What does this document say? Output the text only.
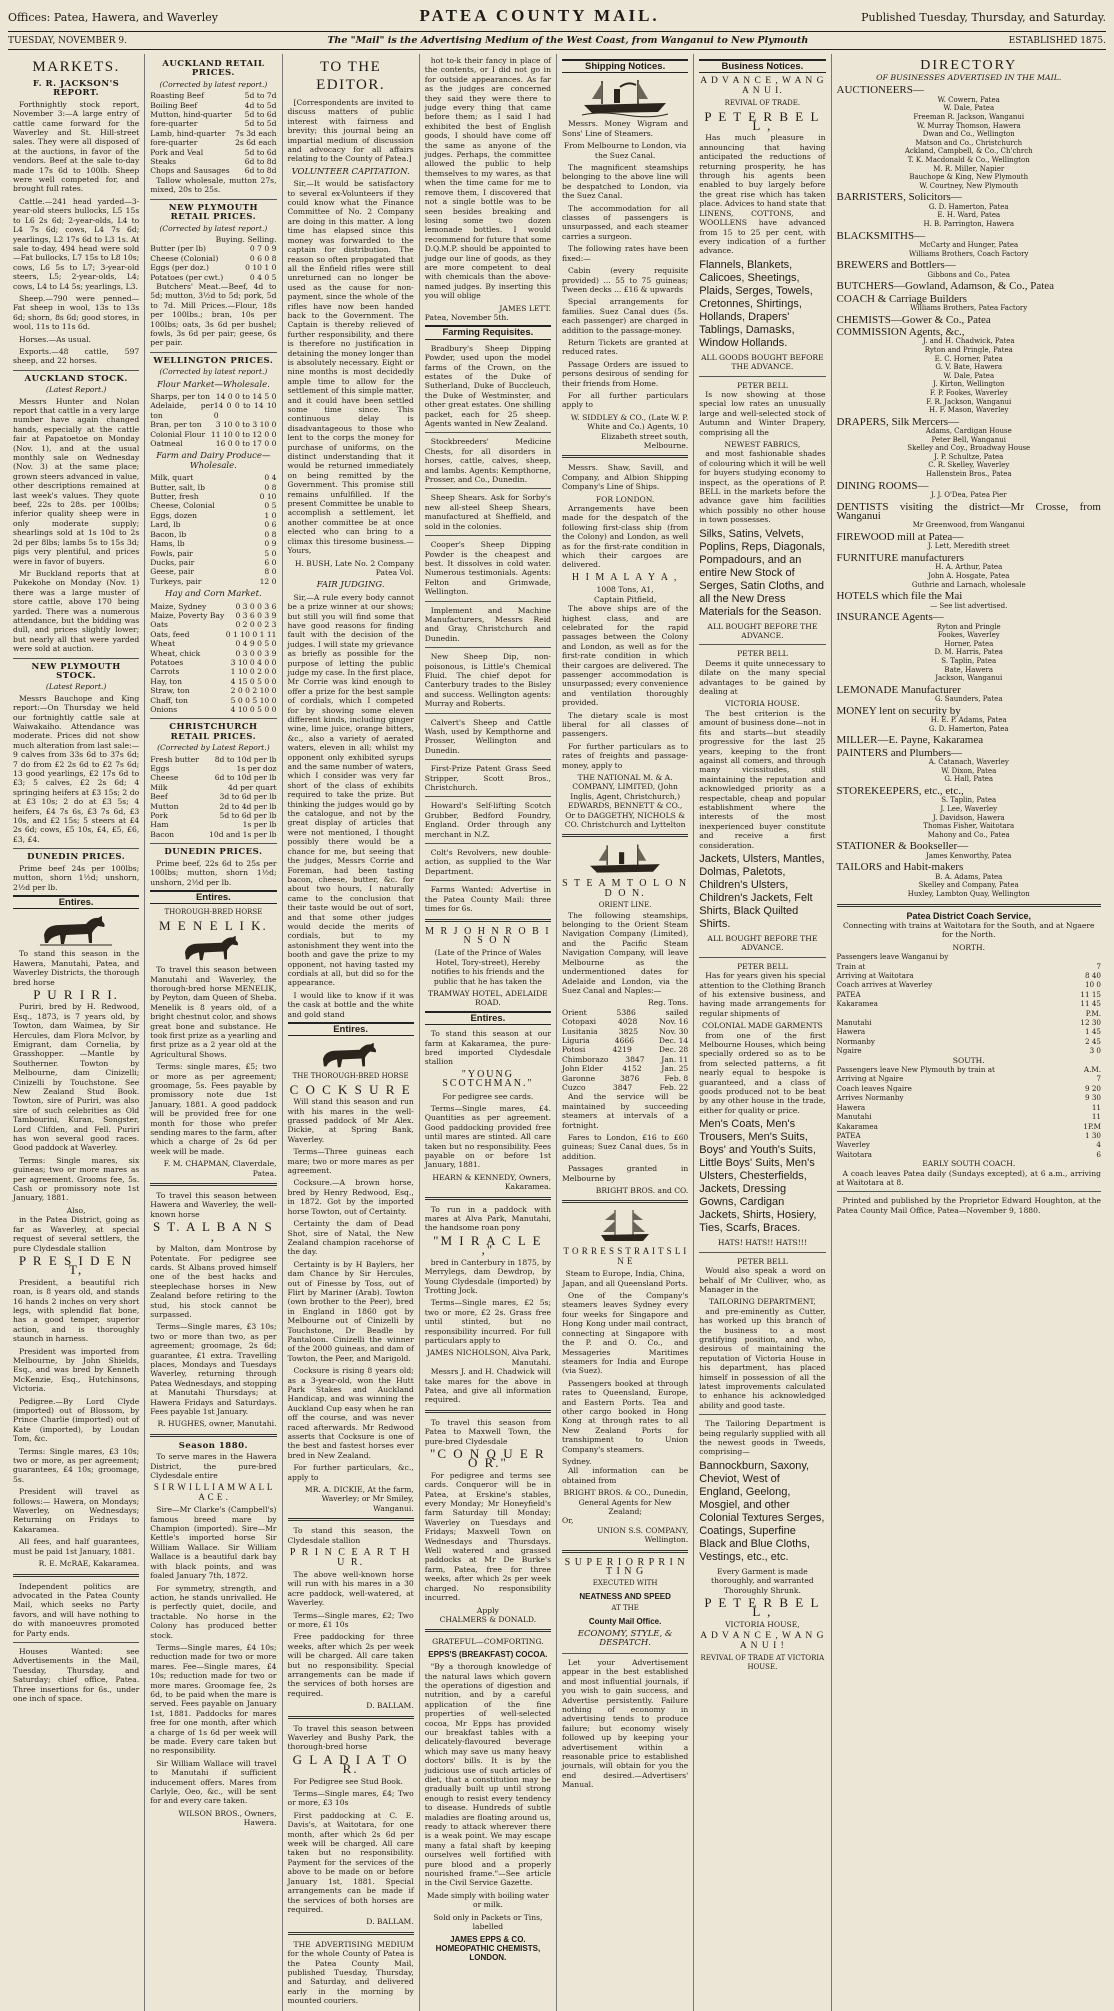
Offices: Patea, Hawera, and Waverley	PATEA COUNTY MAIL.	Published Tuesday, Thursday, and Saturday.
TUESDAY, NOVEMBER 9.	The "Mail" is the Advertising Medium of the West Coast, from Wanganui to New Plymouth	ESTABLISHED 1875.
MARKETS.
F. R. JACKSON'S REPORT.

Forthnightly stock report, November 3:—A large entry of cattle came forward for the Waverley and St. Hill-street sales. They were all disposed of at the auctions, in favor of the vendors. Beef at the sale to-day made 17s 6d to 100lb. Sheep were well competed for, and brought full rates.

Cattle.—241 head yarded—3-year-old steers bullocks, L5 15s to L6 2s 6d; 2-year-olds, L4 to L4 7s 6d; cows, L4 7s 6d; yearlings, L2 17s 6d to L3 1s. At sale to-day, 494 head were sold—Fat bullocks, L7 15s to L8 10s; cows, L6 5s to L7; 3-year-old steers, L5; 2-year-olds, L4; cows, L4 to L4 5s; yearlings, L3.

Sheep.—790 were penned—Fat sheep in wool, 13s to 13s 6d; shorn, 8s 6d; good stores, in wool, 11s to 11s 6d.

Horses.—As usual.

Exports.—48 cattle, 597 sheep, and 22 horses.

AUCKLAND STOCK.
(Latest Report.)

Messrs Hunter and Nolan report that cattle in a very large number have again changed hands, especially at the cattle fair at Papatoetoe on Monday (Nov. 1), and at the usual monthly sale on Wednesday (Nov. 3) at the same place; grown steers advanced in value, other descriptions remained at last week's values. They quote beef, 22s to 28s. per 100lbs; inferior quality sheep were in only moderate supply; shearlings sold at 1s 10d to 2s 2d per 8lbs; lambs 5s to 15s 3d; pigs very plentiful, and prices were in favor of buyers.

Mr Buckland reports that at Pukekohe on Monday (Nov. 1) there was a large muster of store cattle, above 170 being yarded. There was a numerous attendance, but the bidding was dull, and prices slightly lower; but nearly all that were yarded were sold at auction.

NEW PLYMOUTH STOCK.
(Latest Report.)

Messrs Bauchope and King report:—On Thursday we held our fortnightly cattle sale at Waiwakaiho. Attendance was moderate. Prices did not show much alteration from last sale:—9 calves from 33s 6d to 37s 6d; 7 do from £2 2s 6d to £2 7s 6d; 13 good yearlings, £2 17s 6d to £3; 5 calves, £2 2s 6d; 4 springing heifers at £3 15s; 2 do at £3 10s; 2 do at £3 5s; 4 heifers, £4 7s 6s, £3 7s 6d, £3 10s, and £2 15s; 5 steers at £4 2s 6d; cows, £5 10s, £4, £5, £6, £3, £4.

DUNEDIN PRICES.

Prime beef 24s per 100lbs; mutton, shorn 1½d; unshorn, 2½d per lb.

Entires.

To stand this season in the Hawera, Manutahi, Patea, and Waverley Districts, the thorough bred horse

P U R I R I.

Puriri, bred by H. Redwood, Esq., 1873, is 7 years old, by Towton, dam Waimea, by Sir Hercules, dam Flora McIvor, by Emigrant, dam Cornelia, by Grasshopper. —Mantle by Southerner. Towton by Melbourne, dam Cinizelli; Cinizelli by Touchstone. See New Zealand Stud Book. Towton, sire of Puriri, was also sire of such celebrities as Old Tambourini, Kuran, Songster, Lord Clifden, and Fell. Puriri has won several good races. Good paddock at Waverley.

Terms: Single mares, six guineas; two or more mares as per agreement. Grooms fee, 5s. Cash or promissory note 1st January, 1881.

Also,

in the Patea District, going as far as Waverley, at special request of several settlers, the pure Clydesdale stallion

P R E S I D E N T,

President, a beautiful rich roan, is 8 years old, and stands 16 hands 2 inches on very short legs, with splendid flat bone, has a good temper, superior action, and is thoroughly staunch in harness.

President was imported from Melbourne, by John Shields, Esq., and was bred by Kenneth McKenzie, Esq., Hutchinsons, Victoria.

Pedigree.—By Lord Clyde (imported) out of Blossom, by Prince Charlie (imported) out of Kate (imported), by Loudan Tom, &c.

Terms: Single mares, £3 10s; two or more, as per agreement; guarantees, £4 10s; groomage, 5s.

President will travel as follows:— Hawera, on Mondays; Waverley, on Wednesdays; Returning on Fridays to Kakaramea.

All fees, and half guarantees, must be paid 1st January, 1881.

R. E. McRAE, Kakaramea.

Independent politics are advocated in the Patea County Mail, which seeks no Party favors, and will have nothing to do with manoeuvres promoted for Party ends.

Houses Wanted: see Advertisements in the Mail, Tuesday, Thursday, and Saturday; chief office, Patea. Three insertions for 6s., under one inch of space.

AUCKLAND RETAIL PRICES.
(Corrected by latest report.)
Roasting Beef	5d to 7d
Boiling Beef	4d to 5d
Mutton, hind-quarter 5d to 6d
fore-quarter	5d to 5d
Lamb, hind-quarter 7s 3d each
fore-quarter	2s 6d each
Pork and Veal	5d to 6d
Steaks	6d to 8d
Chops and Sausages 6d to 8d

Tallow wholesale, mutton 27s, mixed, 20s to 25s.

NEW PLYMOUTH RETAIL PRICES.
(Corrected by latest report.)
Buying. Selling.
Butter (per lb)	0 7 0 9
Cheese (Colonial)	0 6 0 8
Eggs (per doz.)	0 10 1 0
Potatoes (per cwt.)	0 4 0 5

Butchers' Meat.—Beef, 4d to 5d; mutton, 3½d to 5d; pork, 5d to 7d. Mill Prices.—Flour, 18s per 100lbs.; bran, 10s per 100lbs; oats, 3s 6d per bushel; fowls, 3s 6d per pair; geese, 6s per pair.

WELLINGTON PRICES.
(Corrected by latest report.)
Flour Market—Wholesale.
Sharps, per ton 14 0 0 to 14 5 0
Adelaide, per ton
14 0 0 to 14 10 0
Bran, per ton 3 10 0 to 3 10 0
Colonial Flour 11 10 0 to 12 0 0
Oatmeal	16 0 0 to 17 0 0
Farm and Dairy Produce—Wholesale.
Milk, quart	0 4
Butter, salt, lb	0 8
Butter, fresh	0 10
Cheese, Colonial	0 5
Eggs, dozen	1 0
Lard, lb	0 6
Bacon, lb	0 8
Hams, lb	0 9
Fowls, pair	5 0
Ducks, pair	6 0
Geese, pair	8 0
Turkeys, pair	12 0
Hay and Corn Market.
Maize, Sydney	0 3 0 0 3 6
Maize, Poverty Bay 0 3 6 0 3 9
Oats	0 2 0 0 2 3
Oats, feed	0 1 10 0 1 11
Wheat	0 4 9 0 5 0
Wheat, chick	0 3 0 0 3 9
Potatoes	3 10 0 4 0 0
Carrots	1 10 0 2 0 0
Hay, ton	4 15 0 5 0 0
Straw, ton	2 0 0 2 10 0
Chaff, ton	5 0 0 5 10 0
Onions	4 10 0 5 0 0
CHRISTCHURCH RETAIL PRICES.
(Corrected by Latest Report.)
Fresh butter 8d to 10d per lb
Eggs	1s per doz
Cheese	6d to 10d per lb
Milk	4d per quart
Beef	3d to 6d per lb
Mutton	2d to 4d per lb
Pork	5d to 6d per lb
Ham	1s per lb
Bacon	10d and 1s per lb
DUNEDIN PRICES.

Prime beef, 22s 6d to 25s per 100lbs; mutton, shorn 1½d; unshorn, 2½d per lb.

Entires.
THOROUGH-BRED HORSE
M E N E L I K.

To travel this season between Manutahi and Waverley, the thorough-bred horse MENELIK, by Peyton, dam Queen of Sheba. Menelik is 8 years old, of a bright chestnut color, and shows great bone and substance. He took first prize as a yearling and first prize as a 2 year old at the Agricultural Shows.

Terms: single mares, £5; two or more as per agreement; groomage, 5s. Fees payable by promissory note due 1st January, 1881. A good paddock will be provided free for one month for those who prefer sending mares to the farm, after which a charge of 2s 6d per week will be made.

F. M. CHAPMAN, Claverdale, Patea.

To travel this season between Hawera and Waverley, the well-known horse

S T. A L B A N S ,

by Malton, dam Montrose by Potentate. For pedigree see cards. St Albans proved himself one of the best hacks and steeplechase horses in New Zealand before retiring to the stud, his stock cannot be surpassed.

Terms—Single mares, £3 10s; two or more than two, as per agreement; groomage, 2s 6d; guarantee, £1 extra. Travelling places, Mondays and Tuesdays Waverley, returning through Patea Wednesdays, and stopping at Manutahi Thursdays; at Hawera Fridays and Saturdays. Fees payable 1st January.

R. HUGHES, owner, Manutahi.
Season 1880.

To serve mares in the Hawera District, the pure-bred Clydesdale entire

S I R W I L L I A M W A L L A C E .

Sire—Mr Clarke's (Campbell's) famous breed mare by Champion (imported). Sire—Mr Kettle's imported horse Sir William Wallace. Sir William Wallace is a beautiful dark bay with black points, and was foaled January 7th, 1872.

For symmetry, strength, and action, he stands unrivalled. He is perfectly quiet, docile, and tractable. No horse in the Colony has produced better stock.

Terms—Single mares, £4 10s; reduction made for two or more mares. Fee—Single mares, £4 10s; reduction made for two or more mares. Groomage fee, 2s 6d, to be paid when the mare is served. Fees payable on January 1st, 1881. Paddocks for mares free for one month, after which a charge of 1s 6d per week will be made. Every care taken but no responsibility.

Sir William Wallace will travel to Manutahi if sufficient inducement offers. Mares from Carlyle, Oeo, &c., will be sent for and every care taken.

WILSON BROS., Owners, Hawera.
TO THE EDITOR.

[Correspondents are invited to discuss matters of public interest with fairness and brevity; this journal being an impartial medium of discussion and advocacy for all affairs relating to the County of Patea.]

VOLUNTEER CAPITATION.

Sir,—It would be satisfactory to several ex-Volunteers if they could know what the Finance Committee of No. 2 Company are doing in this matter. A long time has elapsed since this money was forwarded to the captain for distribution. The reason so often propagated that all the Enfield rifles were still unreturned can no longer be used as the cause for non-payment, since the whole of the rifles have now been handed back to the Government. The Captain is thereby relieved of further responsibility, and there is therefore no justification in detaining the money longer than is absolutely necessary. Eight or nine months is most decidedly ample time to allow for the settlement of this simple matter, and it could have been settled some time since. This continuous delay is disadvantageous to those who lent to the corps the money for purchase of uniforms, on the distinct understanding that it would be returned immediately on being remitted by the Government. This promise still remains unfulfilled. If the present Committee be unable to accomplish a settlement, let another committee be at once elected who can bring to a climax this tiresome business.—Yours,

H. BUSH, Late No. 2 Company Patea Vol.
FAIR JUDGING.

Sir,—A rule every body cannot be a prize winner at our shows; but still you will find some that have good reasons for finding fault with the decision of the judges. I will state my grievance as briefly as possible for the purpose of letting the public judge my case. In the first place, Mr Corrie was kind enough to offer a prize for the best sample of cordials, which I competed for by showing some eleven different kinds, including ginger wine, lime juice, orange bitters, &c., also a variety of aerated waters, eleven in all; whilst my opponent only exhibited syrups and the same number of waters, which I consider was very far short of the class of exhibits required to take the prize. But thinking the judges would go by the catalogue, and not by the great display of articles that were not mentioned, I thought possibly there would be a chance for me, but seeing that the judges, Messrs Corrie and Foreman, had been tasting bacon, cheese, butter, &c. for about two hours, I naturally came to the conclusion that their taste would be out of sort, and that some other judges would decide the merits of cordials, but to my astonishment they went into the booth and gave the prize to my opponent, not having tasted my cordials at all, but did so for the appearance.

I would like to know if it was the cask at bottle and the white and gold stand

Entires.
THE THOROUGH-BRED HORSE
C O C K S U R E

Will stand this season and run with his mares in the well-grassed paddock of Mr Alex. Dickie, at Spring Bank, Waverley.

Terms—Three guineas each mare; two or more mares as per agreement.

Cocksure.—A brown horse, bred by Henry Redwood, Esq., in 1872. Got by the imported horse Towton, out of Certainty.

Certainty the dam of Dead Shot, sire of Natal, the New Zealand champion racehorse of the day.

Certainty is by H Baylers, her dam Chance by Sir Hercules, out of Finesse by Toss, out of Flirt by Mariner (Arab). Towton (own brother to the Peer), bred in England in 1860 got by Melbourne out of Cinizelli by Touchstone, Dr Beadle by Pantaloon. Cinizelli the winner of the 2000 guineas, and dam of Towton, the Peer, and Marigold.

Cocksure is rising 8 years old; as a 3-year-old, won the Hutt Park Stakes and Auckland Handicap, and was winning the Auckland Cup easy when he ran off the course, and was never raced afterwards. Mr Redwood asserts that Cocksure is one of the best and fastest horses ever bred in New Zealand.

For further particulars, &c., apply to

MR. A. DICKIE, At the farm, Waverley; or Mr Smiley, Wanganui.

To stand this season, the Clydesdale stallion

P R I N C E A R T H U R.

The above well-known horse will run with his mares in a 30 acre paddock, well-watered, at Waverley.

Terms—Single mares, £2; Two or more, £1 10s

Free paddocking for three weeks, after which 2s per week will be charged. All care taken but no responsibility. Special arrangements can be made if the services of both horses are required.

D. BALLAM.

To travel this season between Waverley and Bushy Park, the thorough-bred horse

G L A D I A T O R.

For Pedigree see Stud Book.

Terms—Single mares, £4; Two or more, £3 10s

First paddocking at C. E. Davis's, at Waitotara, for one month, after which 2s 6d per week will be charged. All care taken but no responsibility. Payment for the services of the above to be made on or before January 1st, 1881. Special arrangements can be made if the services of both horses are required.

D. BALLAM.

THE ADVERTISING MEDIUM for the whole County of Patea is the Patea County Mail, published Tuesday, Thursday, and Saturday, and delivered early in the morning by mounted couriers.

hot to-k their fancy in place of the contents, or I did not go in for outside appearances. As far as the judges are concerned they said they were there to judge every thing that came before them; as I said I had exhibited the best of English goods, I should have come off the same as anyone of the judges. Perhaps, the committee allowed the public to help themselves to my wares, as that when the time came for me to remove them, I discovered that not a single bottle was to be seen besides breaking and losing some two dozen lemonade bottles. I would recommend for future that some D.Q.M.P. should be appointed to judge our line of goods, as they are more competent to deal with chemicals than the above-named judges. By inserting this you will oblige

JAMES LETT.
Patea, November 5th.
Farming Requisites.

Bradbury's Sheep Dipping Powder, used upon the model farms of the Crown, on the estates of the Duke of Sutherland, Duke of Buccleuch, the Duke of Westminster, and other great estates. One shilling packet, each for 25 sheep. Agents wanted in New Zealand.

Stockbreeders' Medicine Chests, for all disorders in horses, cattle, calves, sheep, and lambs. Agents: Kempthorne, Prosser, and Co., Dunedin.

Sheep Shears. Ask for Sorby's new all-steel Sheep Shears, manufactured at Sheffield, and sold in the colonies.

Cooper's Sheep Dipping Powder is the cheapest and best. It dissolves in cold water. Numerous testimonials. Agents: Felton and Grimwade, Wellington.

Implement and Machine Manufacturers, Messrs Reid and Gray, Christchurch and Dunedin.

New Sheep Dip, non-poisonous, is Little's Chemical Fluid. The chief depot for Canterbury trades to the Bisley and success. Wellington agents: Murray and Roberts.

Calvert's Sheep and Cattle Wash, used by Kempthorne and Prosser, Wellington and Dunedin.

First-Prize Patent Grass Seed Stripper, Scott Bros., Christchurch.

Howard's Self-lifting Scotch Grubber, Bedford Foundry, England. Order through any merchant in N.Z.

Colt's Revolvers, new double-action, as supplied to the War Department.

Farms Wanted: Advertise in the Patea County Mail: three times for 6s.

M R J O H N R O B I N S O N

(Late of the Prince of Wales Hotel, Tory-street), Hereby notifies to his friends and the public that he has taken the

TRAMWAY HOTEL, ADELAIDE ROAD.
Entires.

To stand this season at our farm at Kakaramea, the pure-bred imported Clydesdale stallion

"YOUNG SCOTCHMAN."

For pedigree see cards.

Terms—Single mares, £4. Quantities as per agreement. Good paddocking provided free until mares are stinted. All care taken but no responsibility. Fees payable on or before 1st January, 1881.

HEARN & KENNEDY, Owners, Kakaramea.

To run in a paddock with mares at Alva Park, Manutahi, the handsome roan pony

"M I R A C L E ,"

bred in Canterbury in 1875, by Merrylegs, dam Dewdrop, by Young Clydesdale (imported) by Trotting Jock.

Terms—Single mares, £2 5s; two or more, £2 2s. Grass free until stinted, but no responsibility incurred. For full particulars apply to

JAMES NICHOLSON, Alva Park, Manutahi.

Messrs J. and H. Chadwick will take mares for the above in Patea, and give all information required.

To travel this season from Patea to Maxwell Town, the pure-bred Clydesdale

"C O N Q U E R O R."

For pedigree and terms see cards. Conqueror will be in Patea, at Erskine's stables, every Monday; Mr Honeyfield's farm Saturday till Monday; Waverley on Tuesdays and Fridays; Maxwell Town on Wednesdays and Thursdays. Well watered and grassed paddocks at Mr De Burke's farm, Patea, free for three weeks, after which 2s per week charged. No responsibility incurred.

Apply
CHALMERS & DONALD.
GRATEFUL—COMFORTING.
EPPS'S (BREAKFAST) COCOA.

"By a thorough knowledge of the natural laws which govern the operations of digestion and nutrition, and by a careful application of the fine properties of well-selected cocoa, Mr Epps has provided our breakfast tables with a delicately-flavoured beverage which may save us many heavy doctors' bills. It is by the judicious use of such articles of diet, that a constitution may be gradually built up until strong enough to resist every tendency to disease. Hundreds of subtle maladies are floating around us, ready to attack wherever there is a weak point. We may escape many a fatal shaft by keeping ourselves well fortified with pure blood and a properly nourished frame."—See article in the Civil Service Gazette.

Made simply with boiling water or milk.

Sold only in Packets or Tins, labelled

JAMES EPPS & CO. HOMEOPATHIC CHEMISTS, LONDON.
Shipping Notices.

Messrs. Money Wigram and Sons' Line of Steamers.

From Melbourne to London, via the Suez Canal.

The magnificent steamships belonging to the above line will be despatched to London, via the Suez Canal.

The accommodation for all classes of passengers is unsurpassed, and each steamer carries a surgeon.

The following rates have been fixed:—

Cabin (every requisite provided) ... 55 to 75 guineas; Tween decks ... £16 & upwards

Special arrangements for families. Suez Canal dues (5s. each passenger) are charged in addition to the passage-money.

Return Tickets are granted at reduced rates.

Passage Orders are issued to persons desirous of sending for their friends from Home.

For all further particulars apply to

W. SIDDLEY & CO., (Late W. P. White and Co.) Agents, 10 Elizabeth street south, Melbourne.

Messrs. Shaw, Savill, and Company, and Albion Shipping Company's Line of Ships.

FOR LONDON.

Arrangements have been made for the despatch of the following first-class ship (from the Colony) and London, as well as for the first-rate condition in which their cargoes are delivered.

H I M A L A Y A ,
1008 Tons, A1,
Captain Pitfield,

The above ships are of the highest class, and are celebrated for the rapid passages between the Colony and London, as well as for the first-rate condition in which their cargoes are delivered. The passenger accommodation is unsurpassed; every convenience and ventilation thoroughly provided.

The dietary scale is most liberal for all classes of passengers.

For further particulars as to rates of freights and passage-money, apply to

THE NATIONAL M. & A. COMPANY, LIMITED, (John Inglis, Agent, Christchurch,)
EDWARDS, BENNETT & CO., Or to DAGGETHY, NICHOLS & CO. Christchurch and Lyttelton
S T E A M T O L O N D O N.
ORIENT LINE.

The following steamships, belonging to the Orient Steam Navigation Company (Limited), and the Pacific Steam Navigation Company, will leave Melbourne as the undermentioned dates for Adelaide and London, via the Suez Canal and Naples:—

Reg. Tons.
Orient	5386	sailed
Cotopaxi	4028	Nov. 16
Lusitania	3825	Nov. 30
Liguria	4666	Dec. 14
Potosi	4219	Dec. 28
Chimborazo 3847 Jan. 11
John Elder	4152	Jan. 25
Garonne	3876	Feb. 8
Cuzco	3847	Feb. 22

And the service will be maintained by succeeding steamers at intervals of a fortnight.

Fares to London, £16 to £60 guineas; Suez Canal dues, 5s in addition.

Passages granted in Melbourne by

BRIGHT BROS. and CO.
T O R R E S S T R A I T S L I N E

Steam to Europe, India, China, Japan, and all Queensland Ports.

One of the Company's steamers leaves Sydney every four weeks for Singapore and Hong Kong under mail contract, connecting at Singapore with the P. and O. Co., and Messageries Maritimes steamers for India and Europe (via Suez).

Passengers booked at through rates to Queensland, Europe, and Eastern Ports. Tea and other cargo booked in Hong Kong at through rates to all New Zealand Ports for transhipment to Union Company's steamers.

Sydney.

All information can be obtained from

BRIGHT BROS. & CO., Dunedin,
General Agents for New Zealand;
Or,
UNION S.S. COMPANY, Wellington.
S U P E R I O R P R I N T I N G
EXECUTED WITH
NEATNESS AND SPEED
AT THE
County Mail Office.
ECONOMY, STYLE, & DESPATCH.

Let your Advertisement appear in the best established and most influential journals, if you wish to gain success, and Advertise persistently. Failure nothing of economy in advertising tends to produce failure; but economy wisely followed up by keeping your advertisement within a reasonable price to established journals, will obtain for you the end desired.—Advertisers' Manual.

Business Notices.
A D V A N C E , W A N G A N U I.
REVIVAL OF TRADE.
P E T E R B E L L ,

Has much pleasure in announcing that having anticipated the reductions of returning prosperity, he has through his agents been enabled to buy largely before the great rise which has taken place. Advices to hand state that LINENS, COTTONS, and WOOLLENS have advanced from 15 to 25 per cent, with every indication of a further advance.

Flannels, Blankets, Calicoes, Sheetings, Plaids, Serges, Towels, Cretonnes, Shirtings, Hollands, Drapers' Tablings, Damasks, Window Hollands.
ALL GOODS BOUGHT BEFORE THE ADVANCE.
PETER BELL

Is now showing at those special low rates an unusually large and well-selected stock of Autumn and Winter Drapery, comprising all the

NEWEST FABRICS,

and most fashionable shades of colouring which it will be well for buyers studying economy to inspect, as the operations of P. BELL in the markets before the advance gave him facilities which possibly no other house in town possesses.

Silks, Satins, Velvets, Poplins, Reps, Diagonals, Pompadours, and an entire New Stock of Serges, Satin Cloths, and all the New Dress Materials for the Season.
ALL BOUGHT BEFORE THE ADVANCE.
PETER BELL

Deems it quite unnecessary to dilate on the many special advantages to be gained by dealing at

VICTORIA HOUSE.

The best criterion is the amount of business done—not in fits and starts—but steadily progressive for the last 25 years, keeping to the front against all comers, and through many vicissitudes, still maintaining the reputation and acknowledged priority as a respectable, cheap and popular establishment where the interests of the most inexperienced buyer constitute and receive a first consideration.

Jackets, Ulsters, Mantles, Dolmas, Paletots, Children's Ulsters, Children's Jackets, Felt Shirts, Black Quilted Shirts.
ALL BOUGHT BEFORE THE ADVANCE.
PETER BELL

Has for years given his special attention to the Clothing Branch of his extensive business, and having made arrangements for regular shipments of

COLONIAL MADE GARMENTS

from one of the first Melbourne Houses, which being specially ordered so as to be from selected patterns, a fit nearly equal to bespoke is guaranteed, and a class of goods produced not to be beat by any other house in the trade, either for quality or price.

Men's Coats, Men's Trousers, Men's Suits, Boys' and Youth's Suits, Little Boys' Suits, Men's Ulsters, Chesterfields, Jackets, Dressing Gowns, Cardigan Jackets, Shirts, Hosiery, Ties, Scarfs, Braces.
HATS! HATS!! HATS!!!
PETER BELL

Would also speak a word on behalf of Mr Culliver, who, as Manager in the

TAILORING DEPARTMENT,

and pre-eminently as Cutter, has worked up this branch of the business to a most gratifying position, and who, desirous of maintaining the reputation of Victoria House in his department, has placed himself in possession of all the latest improvements calculated to enhance his acknowledged ability and good taste.

The Tailoring Department is being regularly supplied with all the newest goods in Tweeds, comprising—

Bannockburn, Saxony, Cheviot, West of England, Geelong, Mosgiel, and other Colonial Textures Serges, Coatings, Superfine Black and Blue Cloths, Vestings, etc., etc.

Every Garment is made thoroughly, and warranted Thoroughly Shrunk.

P E T E R B E L L ,
VICTORIA HOUSE,
A D V A N C E , W A N G A N U I !
REVIVAL OF TRADE AT VICTORIA HOUSE.
DIRECTORY
OF BUSINESSES ADVERTISED IN THE MAIL.
AUCTIONEERS—
W. Cowern, Patea
W. Dale, Patea
Freeman R. Jackson, Wanganui
W. Murray Thomson, Hawera
Dwan and Co., Wellington
Matson and Co., Christchurch
Ackland, Campbell, & Co., Ch'chrch
T. K. Macdonald & Co., Wellington
M. R. Miller, Napier
Bauchope & King, New Plymouth
W. Courtney, New Plymouth
BARRISTERS, Solicitors—
G. D. Hamerton, Patea
E. H. Ward, Patea
H. B. Parrington, Hawera
BLACKSMITHS—
McCarty and Hunger, Patea
Williams Brothers, Coach Factory
BREWERS and Bottlers—
Gibbons and Co., Patea
BUTCHERS—Gowland, Adamson, & Co., Patea
COACH & Carriage Builders
Williams Brothers, Patea Factory
CHEMISTS—Gower & Co., Patea
COMMISSION Agents, &c.,
J. and H. Chadwick, Patea
Ryton and Pringle, Patea
E. C. Horner, Patea
G. V. Bate, Hawera
W. Dale, Patea
J. Kirton, Wellington
F. P. Fookes, Waverley
F. R. Jackson, Wanganui
H. F. Mason, Waverley
DRAPERS, Silk Mercers—
Adams, Cardigan House
Peter Bell, Wanganui
Skelley and Coy., Broadway House
J. P. Schultze, Patea
C. R. Skelley, Waverley
Hallenstein Bros., Patea
DINING ROOMS—
J. J. O'Dea, Patea Pier
DENTISTS visiting the district—Mr Crosse, from Wanganui
Mr Greenwood, from Wanganui
FIREWOOD mill at Patea—
J. Lett, Meredith street
FURNITURE manufacturers
H. A. Arthur, Patea
John A. Hosgate, Patea
Guthrie and Larnach, wholesale
HOTELS which file the Mai
— See list advertised.
INSURANCE Agents—
Ryton and Pringle
Fookes, Waverley
Horner, Patea
D. M. Harris, Patea
S. Taplin, Patea
Bate, Hawera
Jackson, Wanganui
LEMONADE Manufacturer
G. Saunders, Patea
MONEY lent on security by
H. E. P. Adams, Patea
G. D. Hamerton, Patea
MILLER—E. Payne, Kakaramea
PAINTERS and Plumbers—
A. Catanach, Waverley
W. Dixon, Patea
G. Hall, Patea
STOREKEEPERS, etc., etc.,
S. Taplin, Patea
J. Lee, Waverley
J. Davidson, Hawera
Thomas Fisher, Waitotara
Mahony and Co., Patea
STATIONER & Bookseller—
James Kenworthy, Patea
TAILORS and Habit-makers
B. A. Adams, Patea
Skelley and Company, Patea
Huxley, Lambton Quay, Wellington
Patea District Coach Service,

Connecting with trains at Waitotara for the South, and at Ngaere for the North.

NORTH.
Passengers leave Wanganui by
Train at	7
Arriving at Waitotara	8 40
Coach arrives at Waverley	10 0
PATEA	11 15
Kakaramea	11 45
P.M.
Manutahi	12 30
Hawera	1 45
Normanby	2 45
Ngaire	3 0
SOUTH.
Passengers leave New Plymouth by train at	A.M.
Arriving at Ngaire	7
Coach leaves Ngaire	9 20
Arrives Normanby	9 30
Hawera	11
Manutahi	11
Kakaramea	1P.M
PATEA	1 30
Waverley	4
Waitotara	6
EARLY SOUTH COACH.

A coach leaves Patea daily (Sundays excepted), at 6 a.m., arriving at Waitotara at 8.

Printed and published by the Proprietor Edward Houghton, at the Patea County Mail Office, Patea—November 9, 1880.
